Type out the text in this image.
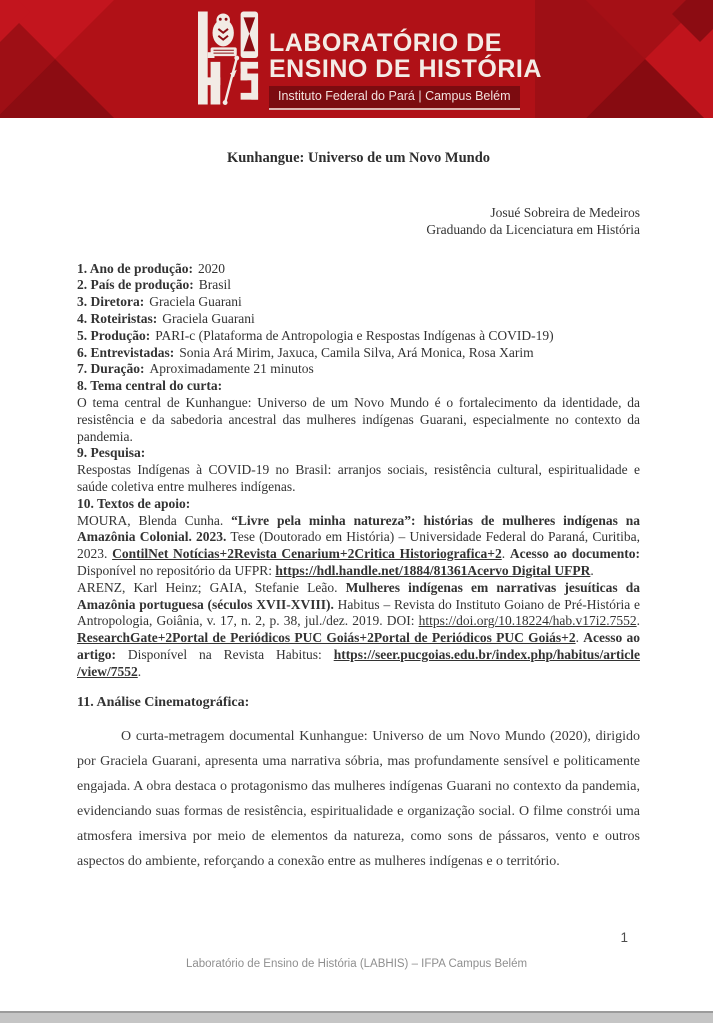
LABORATÓRIO DE
ENSINO DE HISTÓRIA
Instituto Federal do Pará | Campus Belém
Kunhangue: Universo de um Novo Mundo
Josué Sobreira de Medeiros
Graduando da Licenciatura em História
1. Ano de produção: 2020
2. País de produção: Brasil
3. Diretora: Graciela Guarani
4. Roteiristas: Graciela Guarani
5. Produção: PARI-c (Plataforma de Antropologia e Respostas Indígenas à COVID-19)
6. Entrevistadas: Sonia Ará Mirim, Jaxuca, Camila Silva, Ará Monica, Rosa Xarim
7. Duração: Aproximadamente 21 minutos

8. Tema central do curta:

O tema central de Kunhangue: Universo de um Novo Mundo é o fortalecimento da identidade, da resistência e da sabedoria ancestral das mulheres indígenas Guarani, especialmente no contexto da pandemia.

9. Pesquisa:

Respostas Indígenas à COVID-19 no Brasil: arranjos sociais, resistência cultural, espiritualidade e saúde coletiva entre mulheres indígenas.

10. Textos de apoio:

MOURA, Blenda Cunha. “Livre pela minha natureza”: histórias de mulheres indígenas na Amazônia Colonial. 2023. Tese (Doutorado em História) – Universidade Federal do Paraná, Curitiba, 2023. ContilNet Notícias+2Revista Cenarium+2Critica Historiografica+2. Acesso ao documento: Disponível no repositório da UFPR: https://hdl.handle.net/1884/81361Acervo Digital UFPR.

ARENZ, Karl Heinz; GAIA, Stefanie Leão. Mulheres indígenas em narrativas jesuíticas da Amazônia portuguesa (séculos XVII-XVIII). Habitus – Revista do Instituto Goiano de Pré-História e Antropologia, Goiânia, v. 17, n. 2, p. 38, jul./dez. 2019. DOI: https://doi.org/10.18224/hab.v17i2.7552. ResearchGate+2Portal de Periódicos PUC Goiás+2Portal de Periódicos PUC Goiás+2. Acesso ao artigo: Disponível na Revista Habitus: https://seer.pucgoias.edu.br/index.php/habitus/article /view/7552.

11. Análise Cinematográfica:

O curta-metragem documental Kunhangue: Universo de um Novo Mundo (2020), dirigido por Graciela Guarani, apresenta uma narrativa sóbria, mas profundamente sensível e politicamente engajada. A obra destaca o protagonismo das mulheres indígenas Guarani no contexto da pandemia, evidenciando suas formas de resistência, espiritualidade e organização social. O filme constrói uma atmosfera imersiva por meio de elementos da natureza, como sons de pássaros, vento e outros aspectos do ambiente, reforçando a conexão entre as mulheres indígenas e o território.

1
Laboratório de Ensino de História (LABHIS) – IFPA Campus Belém
